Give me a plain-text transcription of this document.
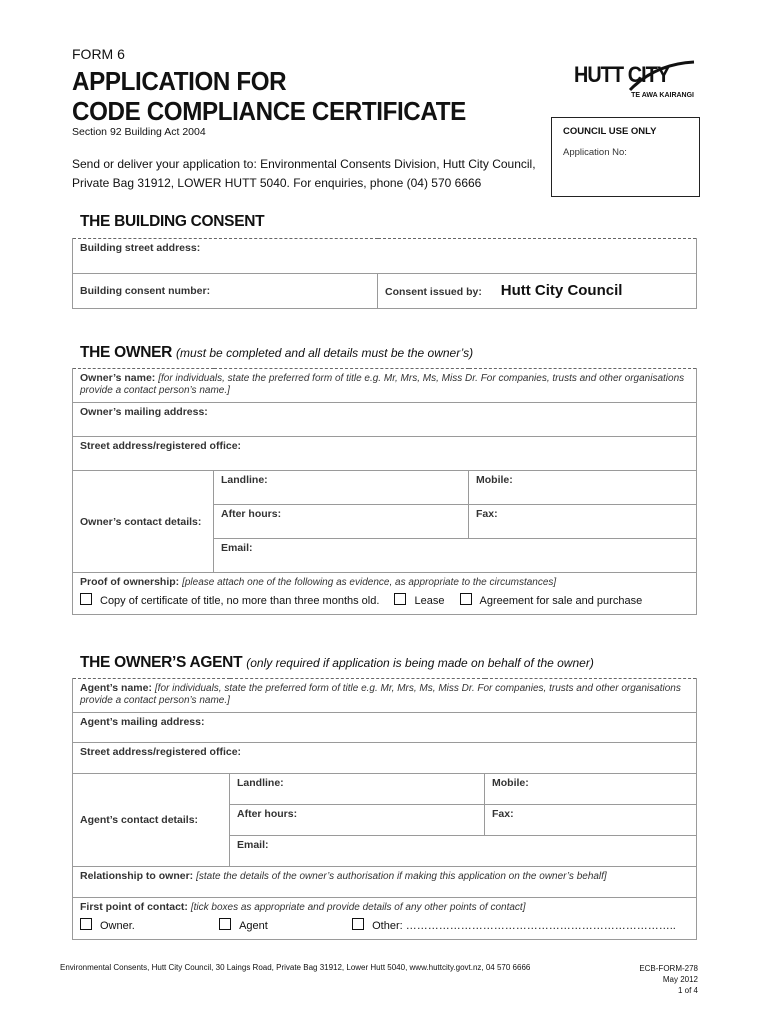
FORM 6
APPLICATION FOR
CODE COMPLIANCE CERTIFICATE
Section 92 Building Act 2004
Send or deliver your application to: Environmental Consents Division, Hutt City Council,
Private Bag 31912, LOWER HUTT 5040. For enquiries, phone (04) 570 6666
HUTT CITY
TE AWA KAIRANGI
COUNCIL USE ONLY
Application No:
THE BUILDING CONSENT
Building street address:
Building consent number:	Consent issued by: Hutt City Council
THE OWNER (must be completed and all details must be the owner’s)
Owner’s name: [for individuals, state the preferred form of title e.g. Mr, Mrs, Ms, Miss Dr. For companies, trusts and other organisations provide a contact person’s name.]		
Owner’s mailing address:		
Street address/registered office:		
Owner’s contact details:	Landline:	Mobile:
	After hours:	Fax:
	Email:	

Proof of ownership: [please attach one of the following as evidence, as appropriate to the circumstances]
Copy of certificate of title, no more than three months old. Lease Agreement for sale and purchase		
THE OWNER’S AGENT (only required if application is being made on behalf of the owner)
Agent’s name: [for individuals, state the preferred form of title e.g. Mr, Mrs, Ms, Miss Dr. For companies, trusts and other organisations provide a contact person’s name.]		
Agent’s mailing address:		
Street address/registered office:		
Agent’s contact details:	Landline:	Mobile:
	After hours:	Fax:
	Email:	
Relationship to owner: [state the details of the owner’s authorisation if making this application on the owner’s behalf]		

First point of contact: [tick boxes as appropriate and provide details of any other points of contact]
Owner. Agent Other: ………………………………………………………………..		
Environmental Consents, Hutt City Council, 30 Laings Road, Private Bag 31912, Lower Hutt 5040, www.huttcity.govt.nz, 04 570 6666	ECB-FORM-278
May 2012
1 of 4
